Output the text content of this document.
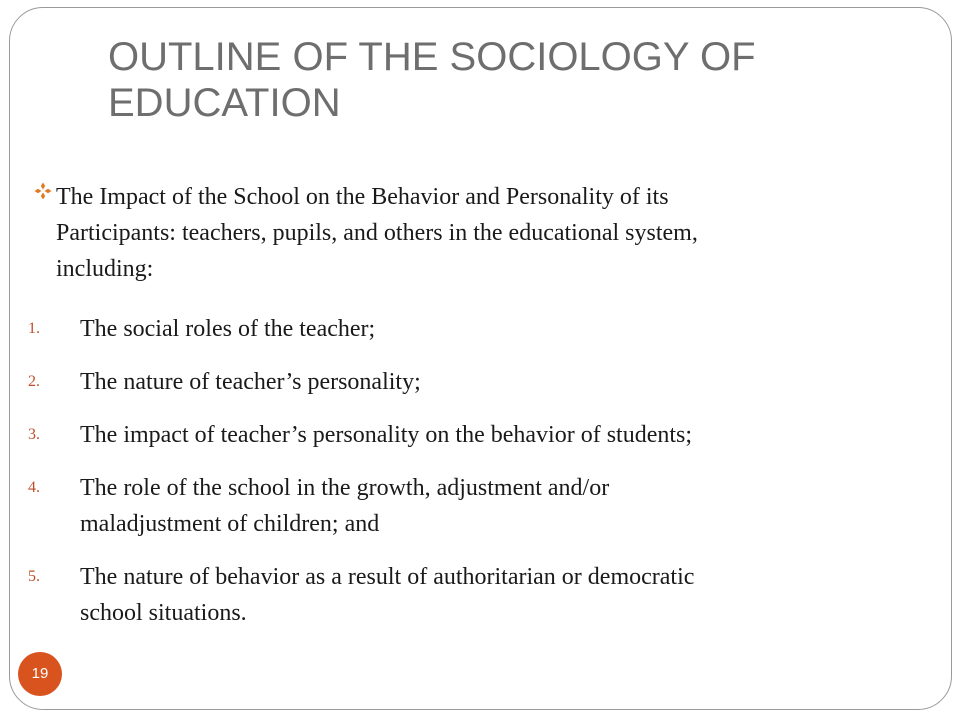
OUTLINE OF THE SOCIOLOGY OF
EDUCATION
The Impact of the School on the Behavior and Personality of its
Participants: teachers, pupils, and others in the educational system,
including:
1. The social roles of the teacher;
2. The nature of teacher’s personality;
3. The impact of teacher’s personality on the behavior of students;
4. The role of the school in the growth, adjustment and/or
maladjustment of children; and
5. The nature of behavior as a result of authoritarian or democratic
school situations.
19
